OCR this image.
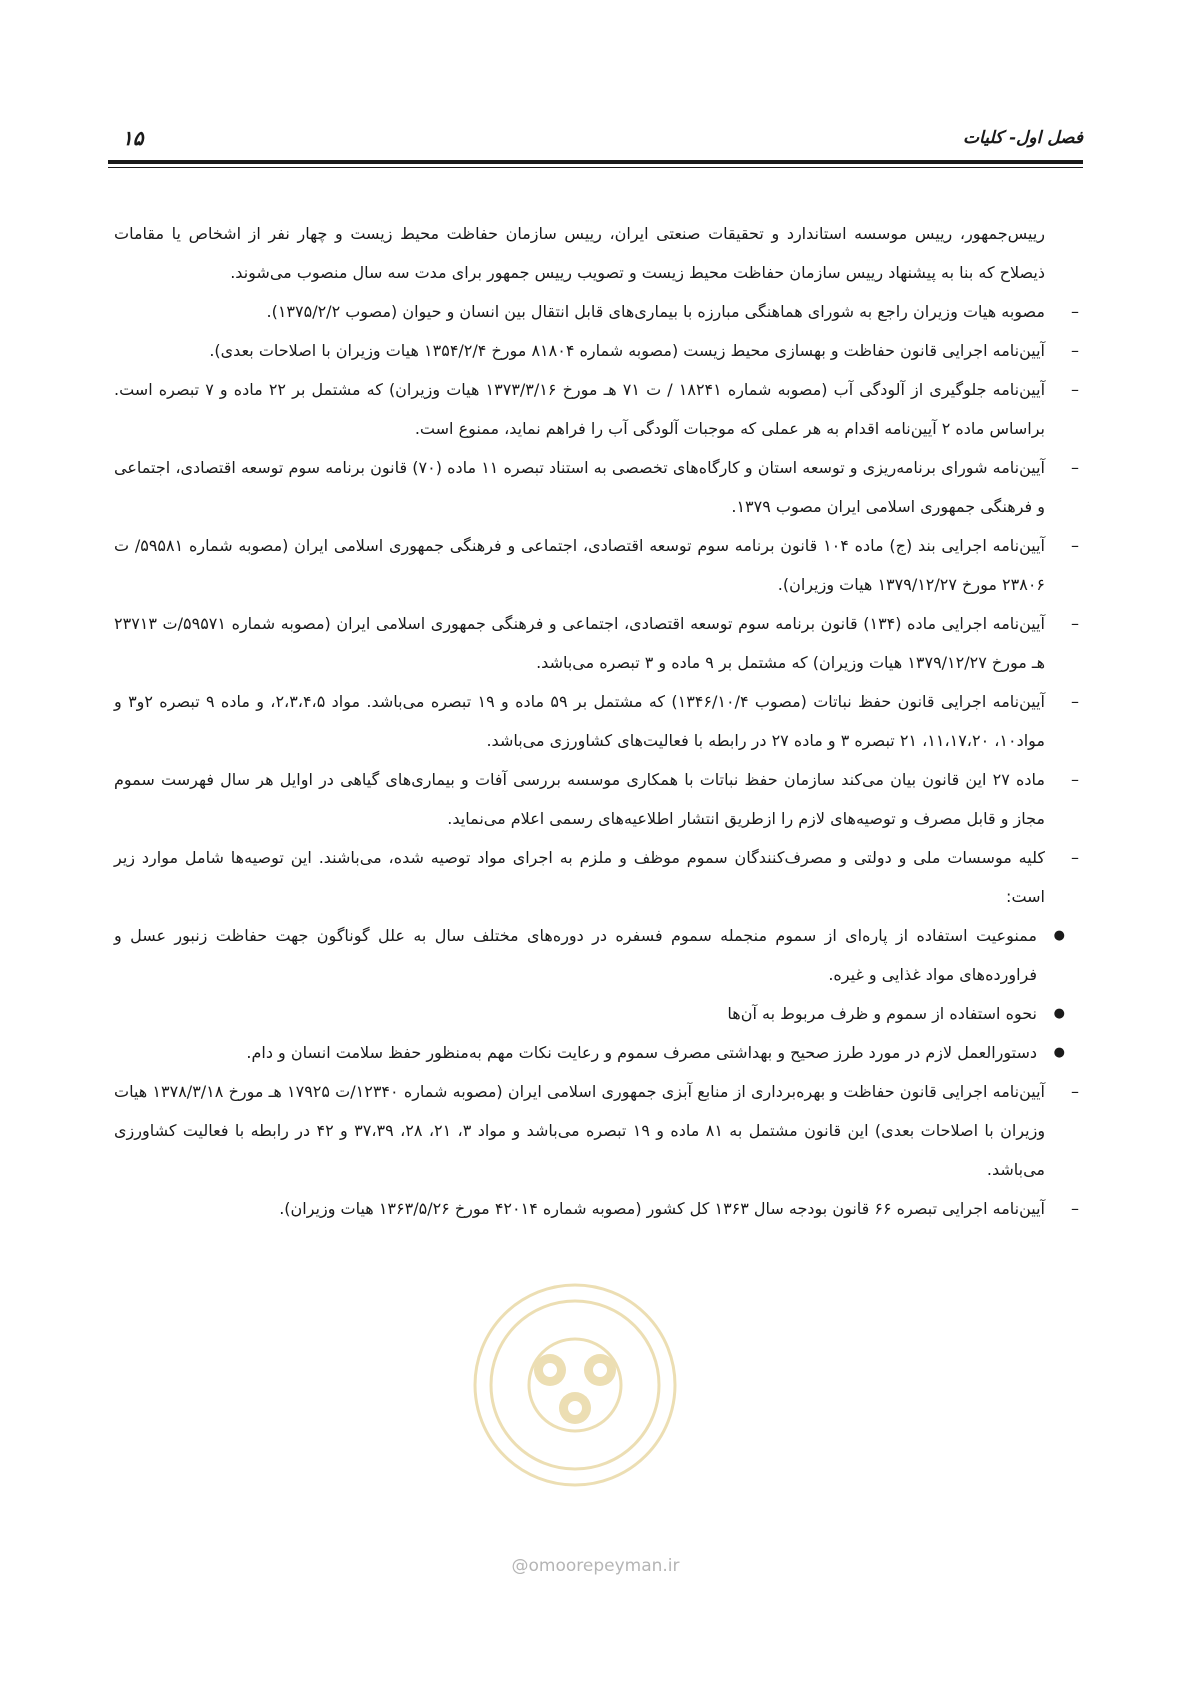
فصل اول- کلیات
۱۵

رییس‌جمهور، رییس موسسه استاندارد و تحقیقات صنعتی ایران، رییس سازمان حفاظت محیط زیست و چهار نفر از اشخاص یا مقامات ذیصلاح که بنا به پیشنهاد رییس سازمان حفاظت محیط زیست و تصویب رییس جمهور برای مدت سه سال منصوب می‌شوند.

–

مصوبه هیات وزیران راجع به شورای هماهنگی مبارزه با بیماری‌های قابل انتقال بین انسان و حیوان (مصوب ۱۳۷۵/۲/۲).

–

آیین‌نامه اجرایی قانون حفاظت و بهسازی محیط زیست (مصوبه شماره ۸۱۸۰۴ مورخ ۱۳۵۴/۲/۴ هیات وزیران با اصلاحات بعدی).

–

آیین‌نامه جلوگیری از آلودگی آب (مصوبه شماره ۱۸۲۴۱ / ت ۷۱ هـ مورخ ۱۳۷۳/۳/۱۶ هیات وزیران) که مشتمل بر ۲۲ ماده و ۷ تبصره است. براساس ماده ۲ آیین‌نامه اقدام به هر عملی که موجبات آلودگی آب را فراهم نماید، ممنوع است.

–

آیین‌نامه شورای برنامه‌ریزی و توسعه استان و کارگاه‌های تخصصی به استناد تبصره ۱۱ ماده (۷۰) قانون برنامه سوم توسعه اقتصادی، اجتماعی و فرهنگی جمهوری اسلامی ایران مصوب ۱۳۷۹.

–

آیین‌نامه اجرایی بند (ج) ماده ۱۰۴ قانون برنامه سوم توسعه اقتصادی، اجتماعی و فرهنگی جمهوری اسلامی ایران (مصوبه شماره ۵۹۵۸۱/ ت ۲۳۸۰۶ مورخ ۱۳۷۹/۱۲/۲۷ هیات وزیران).

–

آیین‌نامه اجرایی ماده (۱۳۴) قانون برنامه سوم توسعه اقتصادی، اجتماعی و فرهنگی جمهوری اسلامی ایران (مصوبه شماره ۵۹۵۷۱/ت ۲۳۷۱۳ هـ مورخ ۱۳۷۹/۱۲/۲۷ هیات وزیران) که مشتمل بر ۹ ماده و ۳ تبصره می‌باشد.

–

آیین‌نامه اجرایی قانون حفظ نباتات (مصوب ۱۳۴۶/۱۰/۴) که مشتمل بر ۵۹ ماده و ۱۹ تبصره می‌باشد. مواد ۲،۳،۴،۵، و ماده ۹ تبصره ۲و۳ و مواد۱۰، ۱۱،۱۷،۲۰، ۲۱ تبصره ۳ و ماده ۲۷ در رابطه با فعالیت‌های کشاورزی می‌باشد.

–

ماده ۲۷ این قانون بیان می‌کند سازمان حفظ نباتات با همکاری موسسه بررسی آفات و بیماری‌های گیاهی در اوایل هر سال فهرست سموم مجاز و قابل مصرف و توصیه‌های لازم را ازطریق انتشار اطلاعیه‌های رسمی اعلام می‌نماید.

–

کلیه موسسات ملی و دولتی و مصرف‌کنندگان سموم موظف و ملزم به اجرای مواد توصیه شده، می‌باشند. این توصیه‌ها شامل موارد زیر است:

●

ممنوعیت استفاده از پاره‌ای از سموم منجمله سموم فسفره در دوره‌های مختلف سال به علل گوناگون جهت حفاظت زنبور عسل و فراورده‌های مواد غذایی و غیره.

●

نحوه استفاده از سموم و ظرف مربوط به آن‌ها

●

دستورالعمل لازم در مورد طرز صحیح و بهداشتی مصرف سموم و رعایت نکات مهم به‌منظور حفظ سلامت انسان و دام.

–

آیین‌نامه اجرایی قانون حفاظت و بهره‌برداری از منابع آبزی جمهوری اسلامی ایران (مصوبه شماره ۱۲۳۴۰/ت ۱۷۹۲۵ هـ مورخ ۱۳۷۸/۳/۱۸ هیات وزیران با اصلاحات بعدی) این قانون مشتمل به ۸۱ ماده و ۱۹ تبصره می‌باشد و مواد ۳، ۲۱، ۲۸، ۳۷،۳۹ و ۴۲ در رابطه با فعالیت کشاورزی می‌باشد.

–

آیین‌نامه اجرایی تبصره ۶۶ قانون بودجه سال ۱۳۶۳ کل کشور (مصوبه شماره ۴۲۰۱۴ مورخ ۱۳۶۳/۵/۲۶ هیات وزیران).

@omoorepeyman.ir
